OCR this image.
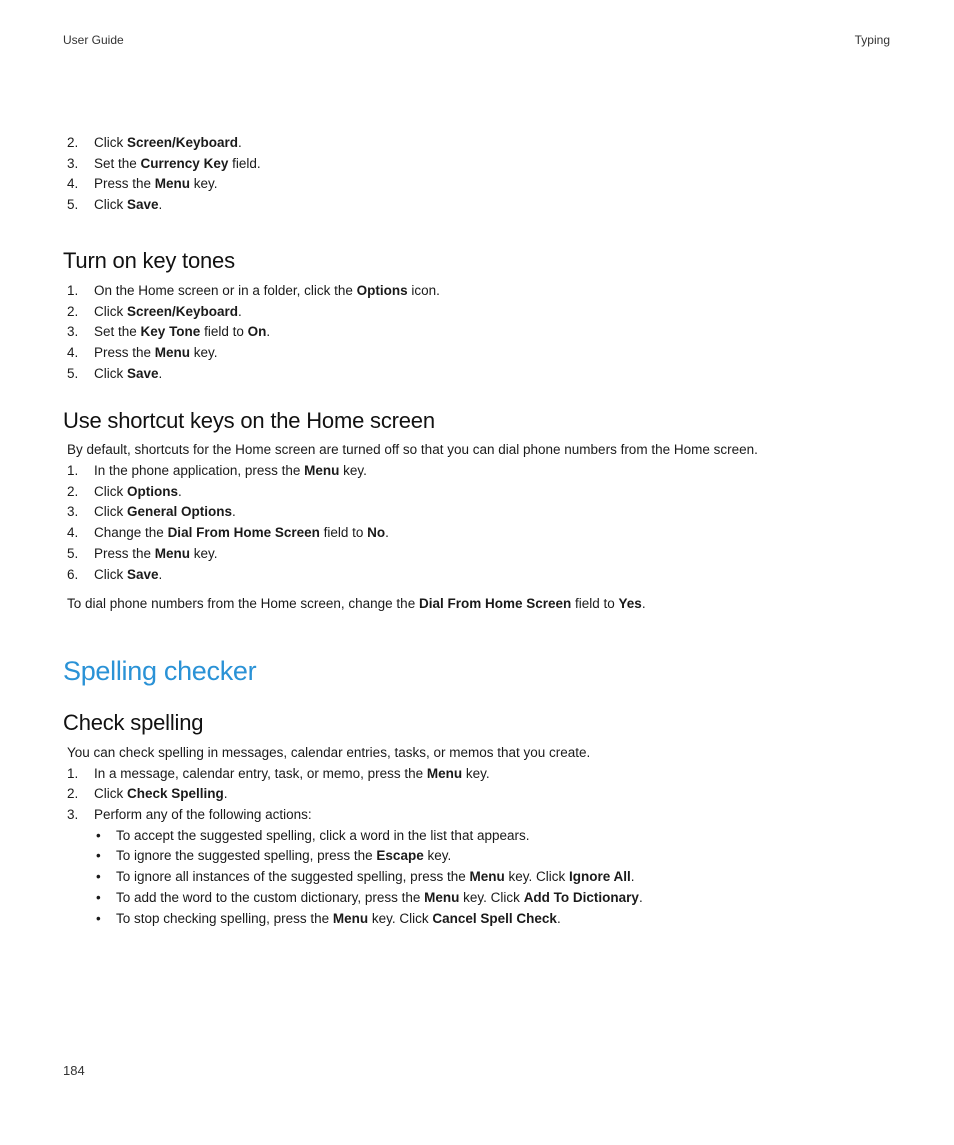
User Guide	Typing
2. Click Screen/Keyboard.
3. Set the Currency Key field.
4. Press the Menu key.
5. Click Save.
Turn on key tones
1. On the Home screen or in a folder, click the Options icon.
2. Click Screen/Keyboard.
3. Set the Key Tone field to On.
4. Press the Menu key.
5. Click Save.
Use shortcut keys on the Home screen

By default, shortcuts for the Home screen are turned off so that you can dial phone numbers from the Home screen.

1. In the phone application, press the Menu key.
2. Click Options.
3. Click General Options.
4. Change the Dial From Home Screen field to No.
5. Press the Menu key.
6. Click Save.

To dial phone numbers from the Home screen, change the Dial From Home Screen field to Yes.

Spelling checker
Check spelling

You can check spelling in messages, calendar entries, tasks, or memos that you create.

1. In a message, calendar entry, task, or memo, press the Menu key.
2. Click Check Spelling.
3. Perform any of the following actions:
• To accept the suggested spelling, click a word in the list that appears.
• To ignore the suggested spelling, press the Escape key.
• To ignore all instances of the suggested spelling, press the Menu key. Click Ignore All.
• To add the word to the custom dictionary, press the Menu key. Click Add To Dictionary.
• To stop checking spelling, press the Menu key. Click Cancel Spell Check.
184
